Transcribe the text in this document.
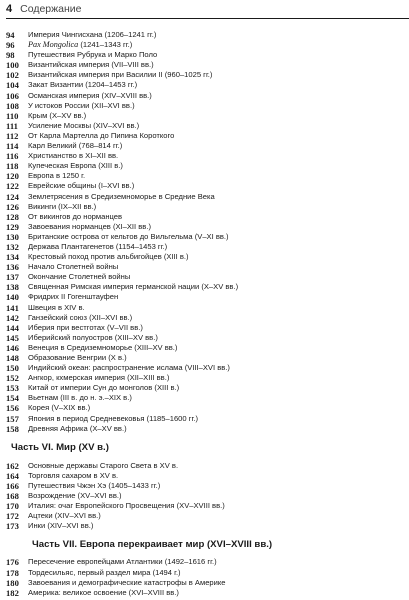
4 Содержание
94	Империя Чингисхана (1206–1241 гг.)
96	Pax Mongolica (1241–1343 гг.)
98	Путешествия Рубрука и Марко Поло
100	Византийская империя (VII–VIII вв.)
102	Византийская империя при Василии II (960–1025 гг.)
104	Закат Византии (1204–1453 гг.)
106	Османская империя (XIV–XVIII вв.)
108	У истоков России (XII–XVI вв.)
110	Крым (X–XV вв.)
111	Усиление Москвы (XIV–XVI вв.)
112	От Карла Мартелла до Пипина Короткого
114	Карл Великий (768–814 гг.)
116	Христианство в XI–XII вв.
118	Купеческая Европа (XIII в.)
120	Европа в 1250 г.
122	Еврейские общины (I–XVI вв.)
124	Землетрясения в Средиземноморье в Средние Века
126	Викинги (IX–XII вв.)
128	От викингов до норманцев
129	Завоевания норманцев (XI–XII вв.)
130	Британские острова от кельтов до Вильгельма (V–XI вв.)
132	Держава Плантагенетов (1154–1453 гг.)
134	Крестовый поход против альбигойцев (XIII в.)
136	Начало Столетней войны
137	Окончание Столетней войны
138	Священная Римская империя германской нации (X–XV вв.)
140	Фридрих II Гогенштауфен
141	Швеция в XIV в.
142	Ганзейский союз (XII–XVI вв.)
144	Иберия при вестготах (V–VII вв.)
145	Иберийский полуостров (XIII–XV вв.)
146	Венеция в Средиземноморье (XIII–XV вв.)
148	Образование Венгрии (X в.)
150	Индийский океан: распространение ислама (VIII–XVI вв.)
152	Ангкор, кхмерская империя (XII–XIII вв.)
153	Китай от империи Сун до монголов (XIII в.)
154	Вьетнам (III в. до н. э.–XIX в.)
156	Корея (V–XIX вв.)
157	Япония в период Средневековья (1185–1600 гг.)
158	Древняя Африка (X–XV вв.)
Часть VI. Мир (XV в.)
162	Основные державы Старого Света в XV в.
164	Торговля сахаром в XV в.
166	Путешествия Чжэн Хэ (1405–1433 гг.)
168	Возрождение (XV–XVI вв.)
170	Италия: очаг Европейского Просвещения (XV–XVIII вв.)
172	Ацтеки (XIV–XVI вв.)
173	Инки (XIV–XVI вв.)
Часть VII. Европа перекраивает мир (XVI–XVIII вв.)
176	Пересечение европейцами Атлантики (1492–1616 гг.)
178	Тордесильяс, первый раздел мира (1494 г.)
180	Завоевания и демографические катастрофы в Америке
182	Америка: великое освоение (XVI–XVIII вв.)
